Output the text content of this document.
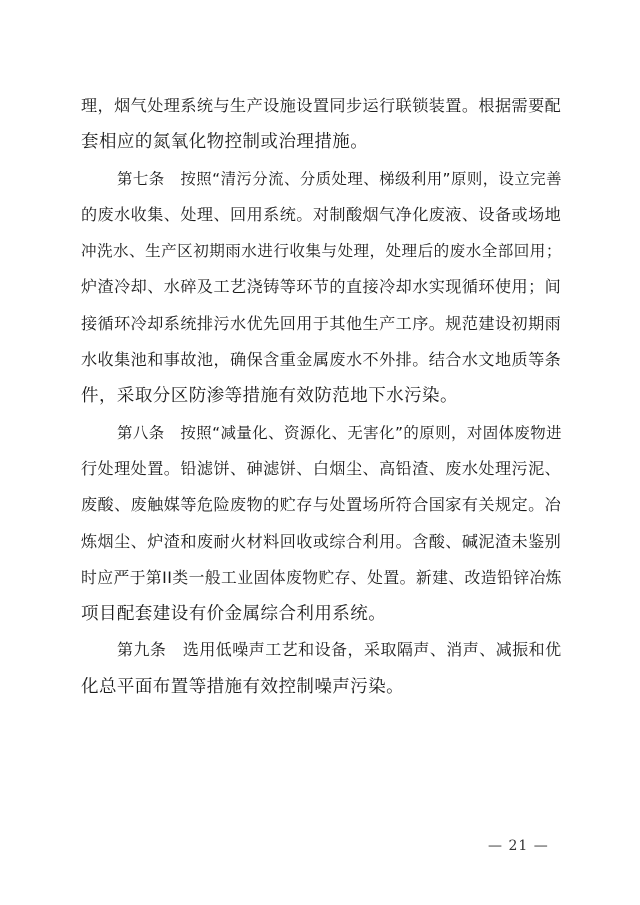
理，烟气处理系统与生产设施设置同步运行联锁装置。根据需要配
套相应的氮氧化物控制或治理措施。
第七条　按照“清污分流、分质处理、梯级利用”原则，设立完善
的废水收集、处理、回用系统。对制酸烟气净化废液、设备或场地
冲洗水、生产区初期雨水进行收集与处理，处理后的废水全部回用；
炉渣冷却、水碎及工艺浇铸等环节的直接冷却水实现循环使用；间
接循环冷却系统排污水优先回用于其他生产工序。规范建设初期雨
水收集池和事故池，确保含重金属废水不外排。结合水文地质等条
件，采取分区防渗等措施有效防范地下水污染。
第八条　按照“减量化、资源化、无害化”的原则，对固体废物进
行处理处置。铅滤饼、砷滤饼、白烟尘、高铅渣、废水处理污泥、
废酸、废触媒等危险废物的贮存与处置场所符合国家有关规定。冶
炼烟尘、炉渣和废耐火材料回收或综合利用。含酸、碱泥渣未鉴别
时应严于第II类一般工业固体废物贮存、处置。新建、改造铅锌冶炼
项目配套建设有价金属综合利用系统。
第九条　选用低噪声工艺和设备，采取隔声、消声、减振和优
化总平面布置等措施有效控制噪声污染。
— 21 —
